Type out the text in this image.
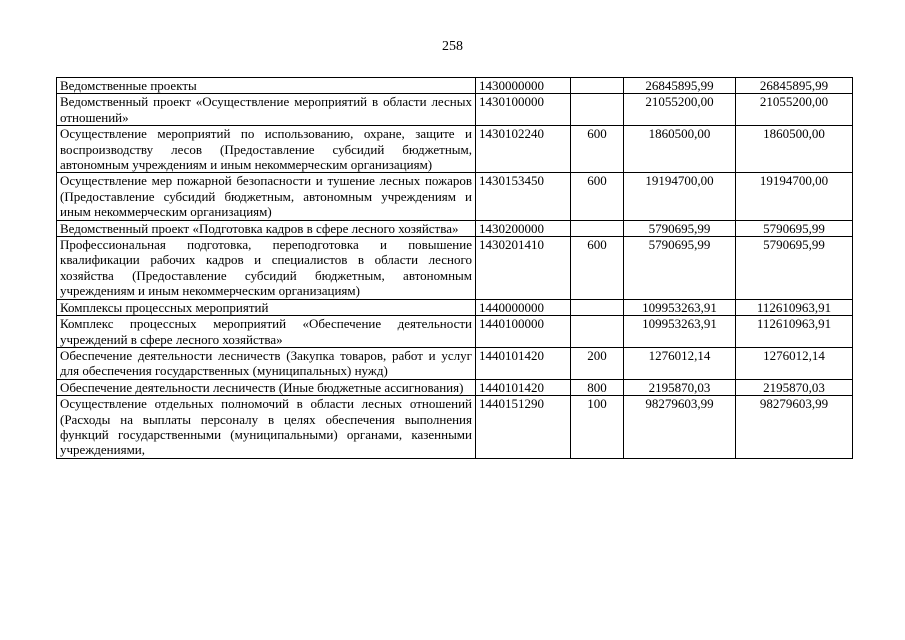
258
Ведомственные проекты	1430000000		26845895,99	26845895,99
Ведомственный проект «Осуществление мероприятий в области лесных отношений»	1430100000		21055200,00	21055200,00
Осуществление мероприятий по использованию, охране, защите и воспроизводству лесов (Предоставление субсидий бюджетным, автономным учреждениям и иным некоммерческим организациям)	1430102240	600	1860500,00	1860500,00
Осуществление мер пожарной безопасности и тушение лесных пожаров (Предоставление субсидий бюджетным, автономным учреждениям и иным некоммерческим организациям)	1430153450	600	19194700,00	19194700,00
Ведомственный проект «Подготовка кадров в сфере лесного хозяйства»	1430200000		5790695,99	5790695,99
Профессиональная подготовка, переподготовка и повышение квалификации рабочих кадров и специалистов в области лесного хозяйства (Предоставление субсидий бюджетным, автономным учреждениям и иным некоммерческим организациям)	1430201410	600	5790695,99	5790695,99
Комплексы процессных мероприятий	1440000000		109953263,91	112610963,91
Комплекс процессных мероприятий «Обеспечение деятельности учреждений в сфере лесного хозяйства»	1440100000		109953263,91	112610963,91
Обеспечение деятельности лесничеств (Закупка товаров, работ и услуг для обеспечения государственных (муниципальных) нужд)	1440101420	200	1276012,14	1276012,14
Обеспечение деятельности лесничеств (Иные бюджетные ассигнования)	1440101420	800	2195870,03	2195870,03
Осуществление отдельных полномочий в области лесных отношений (Расходы на выплаты персоналу в целях обеспечения выполнения функций государственными (муниципальными) органами, казенными учреждениями,	1440151290	100	98279603,99	98279603,99
